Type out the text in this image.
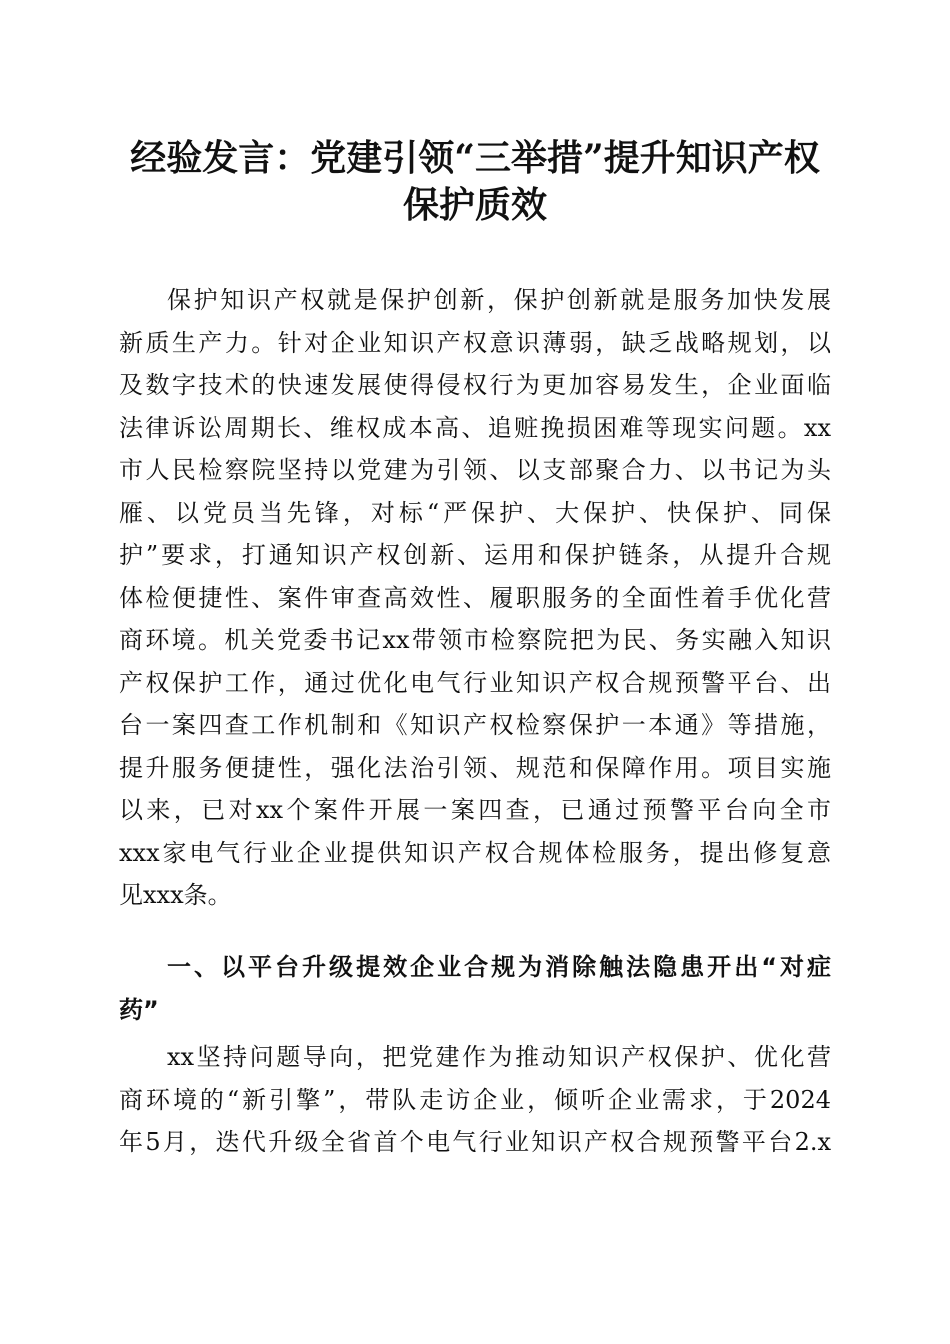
经验发言：党建引领“三举措”提升知识产权
保护质效
保护知识产权就是保护创新，保护创新就是服务加快发展
新质生产力。针对企业知识产权意识薄弱，缺乏战略规划，以
及数字技术的快速发展使得侵权行为更加容易发生，企业面临
法律诉讼周期长、维权成本高、追赃挽损困难等现实问题。xx
市人民检察院坚持以党建为引领、以支部聚合力、以书记为头
雁、以党员当先锋，对标“严保护、大保护、快保护、同保
护”要求，打通知识产权创新、运用和保护链条，从提升合规
体检便捷性、案件审查高效性、履职服务的全面性着手优化营
商环境。机关党委书记xx带领市检察院把为民、务实融入知识
产权保护工作，通过优化电气行业知识产权合规预警平台、出
台一案四查工作机制和《知识产权检察保护一本通》等措施，
提升服务便捷性，强化法治引领、规范和保障作用。项目实施
以来，已对xx个案件开展一案四查，已通过预警平台向全市
xxx家电气行业企业提供知识产权合规体检服务，提出修复意
见xxx条。
一、以平台升级提效企业合规为消除触法隐患开出“对症
药”
xx坚持问题导向，把党建作为推动知识产权保护、优化营
商环境的“新引擎”，带队走访企业，倾听企业需求，于2024
年5月，迭代升级全省首个电气行业知识产权合规预警平台2.x
